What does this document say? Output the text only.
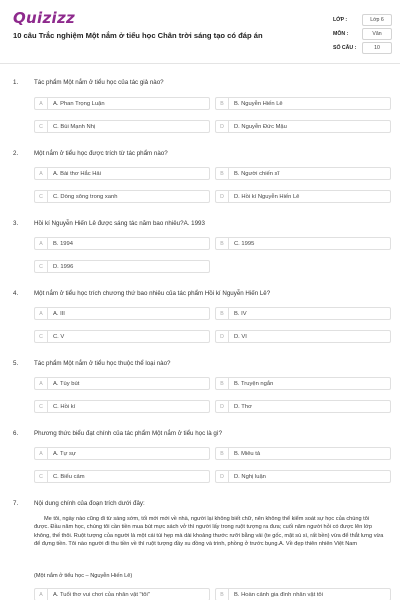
Quizizz
10 câu Trắc nghiệm Một nắm ở tiểu học Chân trời sáng tạo có đáp án
LỚP :	Lớp 6
MÔN :	Văn
SỐ CÂU :	10
1.	Tác phẩm Một nắm ở tiểu học của tác giả nào?
A	A. Phan Trọng Luận	B	B. Nguyễn Hiến Lê
C	C. Bùi Mạnh Nhị	D	D. Nguyễn Đức Mậu
2.	Một nắm ở tiểu học được trích từ tác phẩm nào?
A	A. Bài thơ Hắc Hải	B	B. Người chiến sĩ
C	C. Dòng sông trong xanh	D	D. Hồi kí Nguyễn Hiến Lê
3.	Hồi kí Nguyễn Hiến Lê được sáng tác năm bao nhiêu?A. 1993
A	B. 1994	B	C. 1995
C	D. 1996
4.	Một nắm ở tiểu học trích chương thứ bao nhiêu của tác phẩm Hồi kí Nguyễn Hiến Lê?
A	A. III	B	B. IV
C	C. V	D	D. VI
5.	Tác phẩm Một nắm ở tiểu học thuộc thể loại nào?
A	A. Tùy bút	B	B. Truyện ngắn
C	C. Hồi kí	D	D. Thơ
6.	Phương thức biểu đạt chính của tác phẩm Một nắm ở tiểu học là gì?
A	A. Tự sự	B	B. Miêu tả
C	C. Biểu cảm	D	D. Nghị luận
7.	Nội dung chính của đoạn trích dưới đây:
Me tôi, ngày nào cũng đi từ sáng sớm, tối mới mới về nhà, người lại không biết chữ, nên không thể kiểm soát sự học của chúng tôi được. Đầu năm học, chúng tôi cần tiền mua bút mực sách vở thì người lấy trong ruột tượng ra đưa; cuối năm người hỏi có được lên lớp không, thế thôi. Ruột tượng của người là một cái túi hẹp mà dài khoảng thước rưỡi bằng vải (te gốc, mặt sù sì, rất bền) vừa để thắt lưng vừa để đựng tiền. Tôi nào người đi thu tiền về thì ruột tượng đầy xu đồng và trinh, phồng ở trước bụng.A. Về đẹp thiên nhiên Việt Nam
(Một nắm ở tiểu học – Nguyễn Hiến Lê)
A	A. Tuổi thơ vui chơi của nhân vật "tôi"	B	B. Hoàn cảnh gia đình nhân vật tôi
